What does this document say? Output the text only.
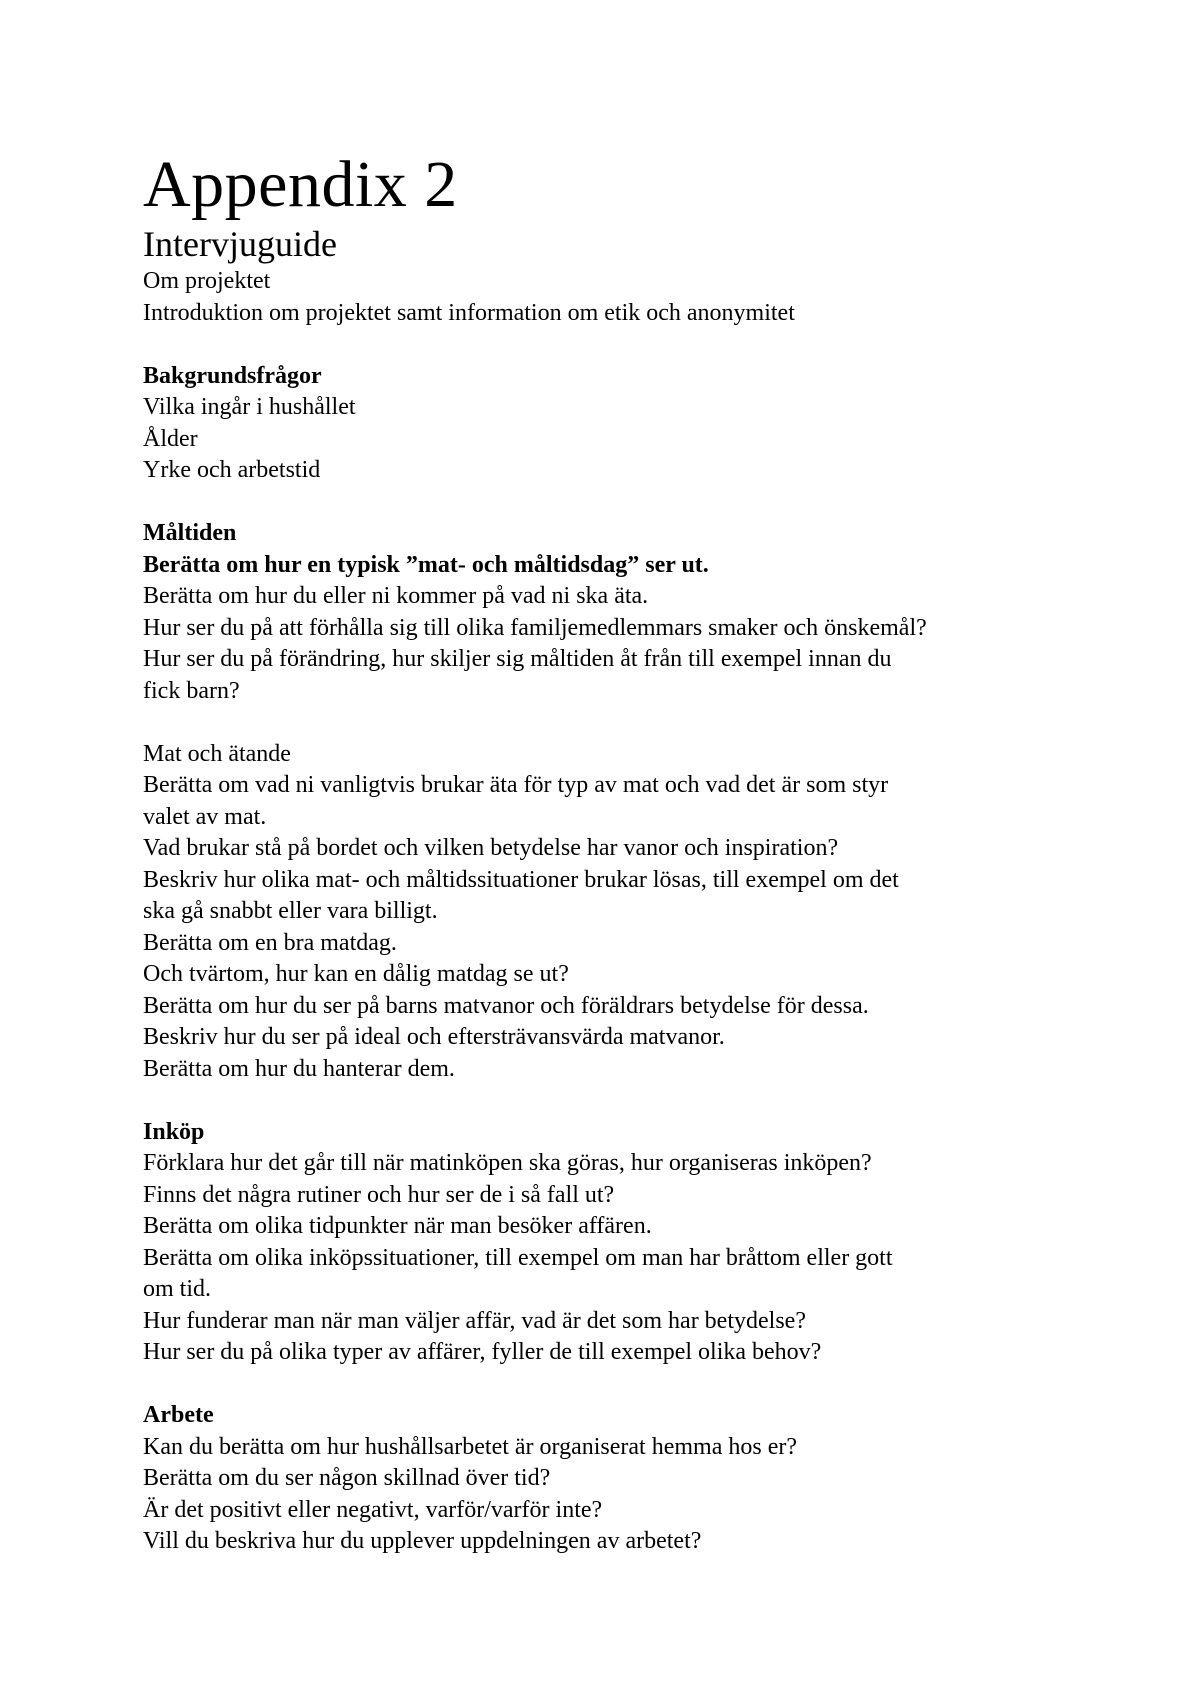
Appendix 2
Intervjuguide

Om projektet

Introduktion om projektet samt information om etik och anonymitet

Bakgrundsfrågor

Vilka ingår i hushållet

Ålder

Yrke och arbetstid

Måltiden

Berätta om hur en typisk ”mat- och måltidsdag” ser ut.

Berätta om hur du eller ni kommer på vad ni ska äta.

Hur ser du på att förhålla sig till olika familjemedlemmars smaker och önskemål?

Hur ser du på förändring, hur skiljer sig måltiden åt från till exempel innan du

fick barn?

Mat och ätande

Berätta om vad ni vanligtvis brukar äta för typ av mat och vad det är som styr

valet av mat.

Vad brukar stå på bordet och vilken betydelse har vanor och inspiration?

Beskriv hur olika mat- och måltidssituationer brukar lösas, till exempel om det

ska gå snabbt eller vara billigt.

Berätta om en bra matdag.

Och tvärtom, hur kan en dålig matdag se ut?

Berätta om hur du ser på barns matvanor och föräldrars betydelse för dessa.

Beskriv hur du ser på ideal och eftersträvansvärda matvanor.

Berätta om hur du hanterar dem.

Inköp

Förklara hur det går till när matinköpen ska göras, hur organiseras inköpen?

Finns det några rutiner och hur ser de i så fall ut?

Berätta om olika tidpunkter när man besöker affären.

Berätta om olika inköpssituationer, till exempel om man har bråttom eller gott

om tid.

Hur funderar man när man väljer affär, vad är det som har betydelse?

Hur ser du på olika typer av affärer, fyller de till exempel olika behov?

Arbete

Kan du berätta om hur hushållsarbetet är organiserat hemma hos er?

Berätta om du ser någon skillnad över tid?

Är det positivt eller negativt, varför/varför inte?

Vill du beskriva hur du upplever uppdelningen av arbetet?
